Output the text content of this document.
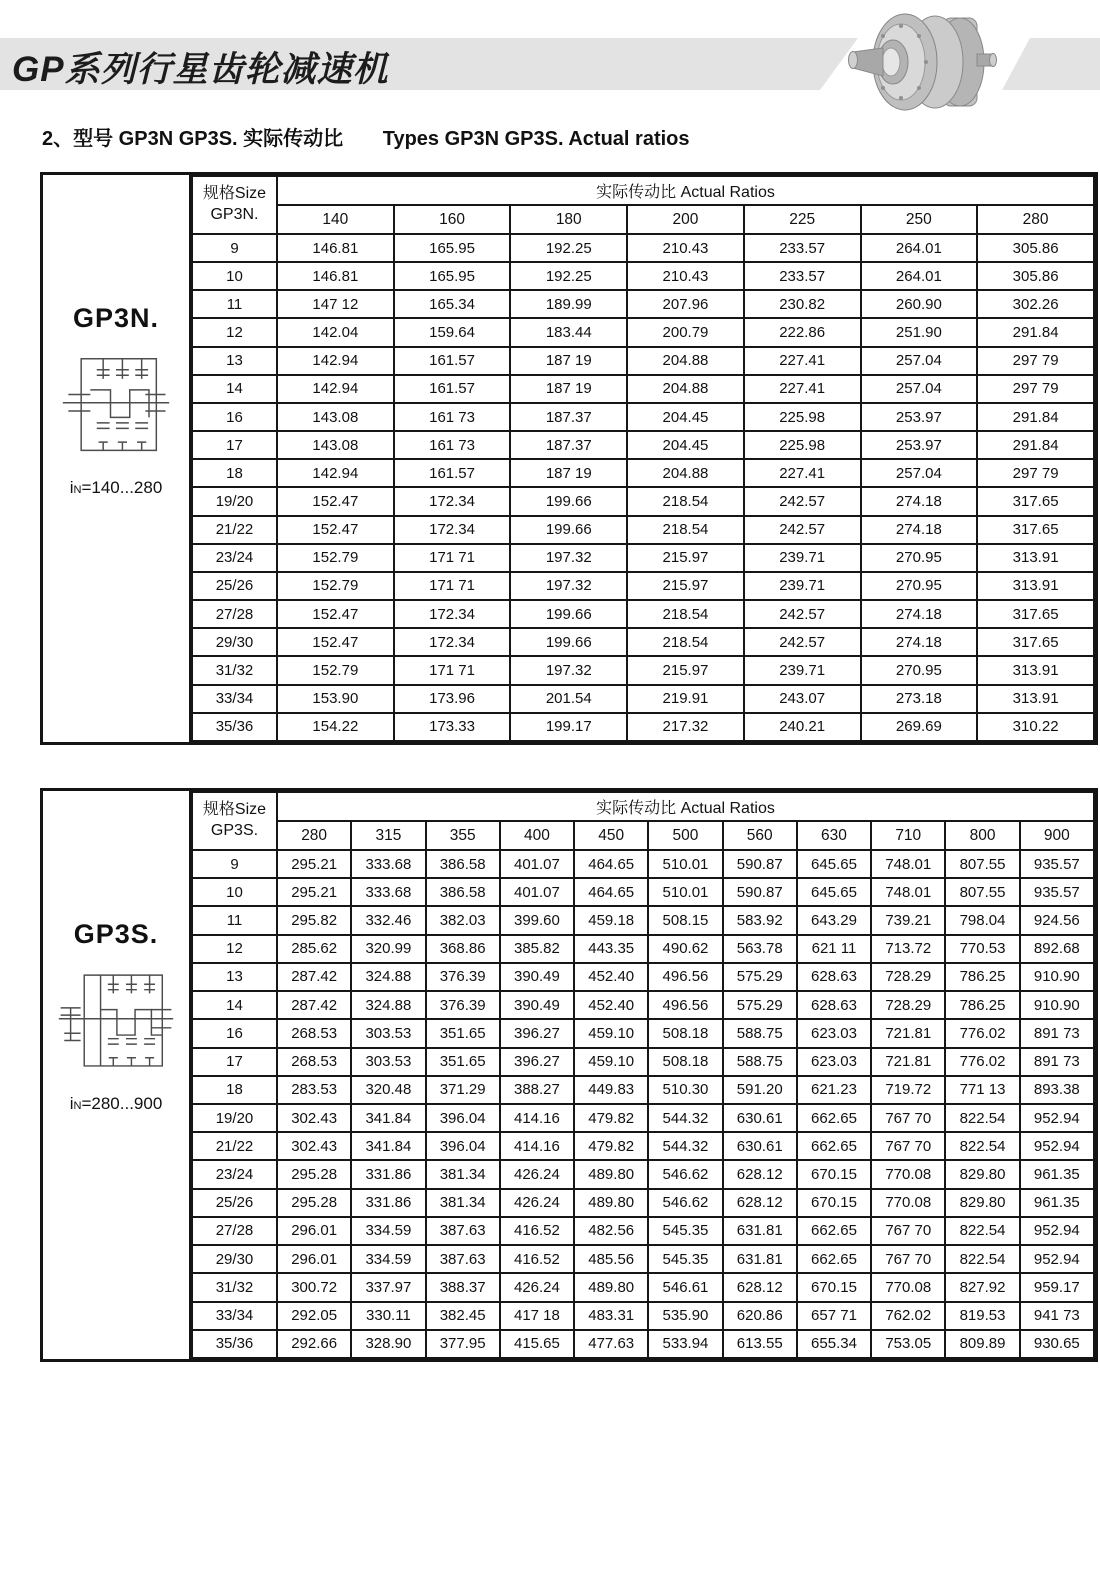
GP系列行星齿轮减速机
2、型号 GP3N GP3S. 实际传动比 Types GP3N GP3S. Actual ratios
GP3N.
iN=140...280
规格Size
GP3N.	实际传动比 Actual Ratios						
	140	160	180	200	225	250	280
9	146.81	165.95	192.25	210.43	233.57	264.01	305.86
10	146.81	165.95	192.25	210.43	233.57	264.01	305.86
11	147 12	165.34	189.99	207.96	230.82	260.90	302.26
12	142.04	159.64	183.44	200.79	222.86	251.90	291.84
13	142.94	161.57	187 19	204.88	227.41	257.04	297 79
14	142.94	161.57	187 19	204.88	227.41	257.04	297 79
16	143.08	161 73	187.37	204.45	225.98	253.97	291.84
17	143.08	161 73	187.37	204.45	225.98	253.97	291.84
18	142.94	161.57	187 19	204.88	227.41	257.04	297 79
19/20	152.47	172.34	199.66	218.54	242.57	274.18	317.65
21/22	152.47	172.34	199.66	218.54	242.57	274.18	317.65
23/24	152.79	171 71	197.32	215.97	239.71	270.95	313.91
25/26	152.79	171 71	197.32	215.97	239.71	270.95	313.91
27/28	152.47	172.34	199.66	218.54	242.57	274.18	317.65
29/30	152.47	172.34	199.66	218.54	242.57	274.18	317.65
31/32	152.79	171 71	197.32	215.97	239.71	270.95	313.91
33/34	153.90	173.96	201.54	219.91	243.07	273.18	313.91
35/36	154.22	173.33	199.17	217.32	240.21	269.69	310.22
GP3S.
iN=280...900
规格Size
GP3S.	实际传动比 Actual Ratios										
	280	315	355	400	450	500	560	630	710	800	900
9	295.21	333.68	386.58	401.07	464.65	510.01	590.87	645.65	748.01	807.55	935.57
10	295.21	333.68	386.58	401.07	464.65	510.01	590.87	645.65	748.01	807.55	935.57
11	295.82	332.46	382.03	399.60	459.18	508.15	583.92	643.29	739.21	798.04	924.56
12	285.62	320.99	368.86	385.82	443.35	490.62	563.78	621 11	713.72	770.53	892.68
13	287.42	324.88	376.39	390.49	452.40	496.56	575.29	628.63	728.29	786.25	910.90
14	287.42	324.88	376.39	390.49	452.40	496.56	575.29	628.63	728.29	786.25	910.90
16	268.53	303.53	351.65	396.27	459.10	508.18	588.75	623.03	721.81	776.02	891 73
17	268.53	303.53	351.65	396.27	459.10	508.18	588.75	623.03	721.81	776.02	891 73
18	283.53	320.48	371.29	388.27	449.83	510.30	591.20	621.23	719.72	771 13	893.38
19/20	302.43	341.84	396.04	414.16	479.82	544.32	630.61	662.65	767 70	822.54	952.94
21/22	302.43	341.84	396.04	414.16	479.82	544.32	630.61	662.65	767 70	822.54	952.94
23/24	295.28	331.86	381.34	426.24	489.80	546.62	628.12	670.15	770.08	829.80	961.35
25/26	295.28	331.86	381.34	426.24	489.80	546.62	628.12	670.15	770.08	829.80	961.35
27/28	296.01	334.59	387.63	416.52	482.56	545.35	631.81	662.65	767 70	822.54	952.94
29/30	296.01	334.59	387.63	416.52	485.56	545.35	631.81	662.65	767 70	822.54	952.94
31/32	300.72	337.97	388.37	426.24	489.80	546.61	628.12	670.15	770.08	827.92	959.17
33/34	292.05	330.11	382.45	417 18	483.31	535.90	620.86	657 71	762.02	819.53	941 73
35/36	292.66	328.90	377.95	415.65	477.63	533.94	613.55	655.34	753.05	809.89	930.65
